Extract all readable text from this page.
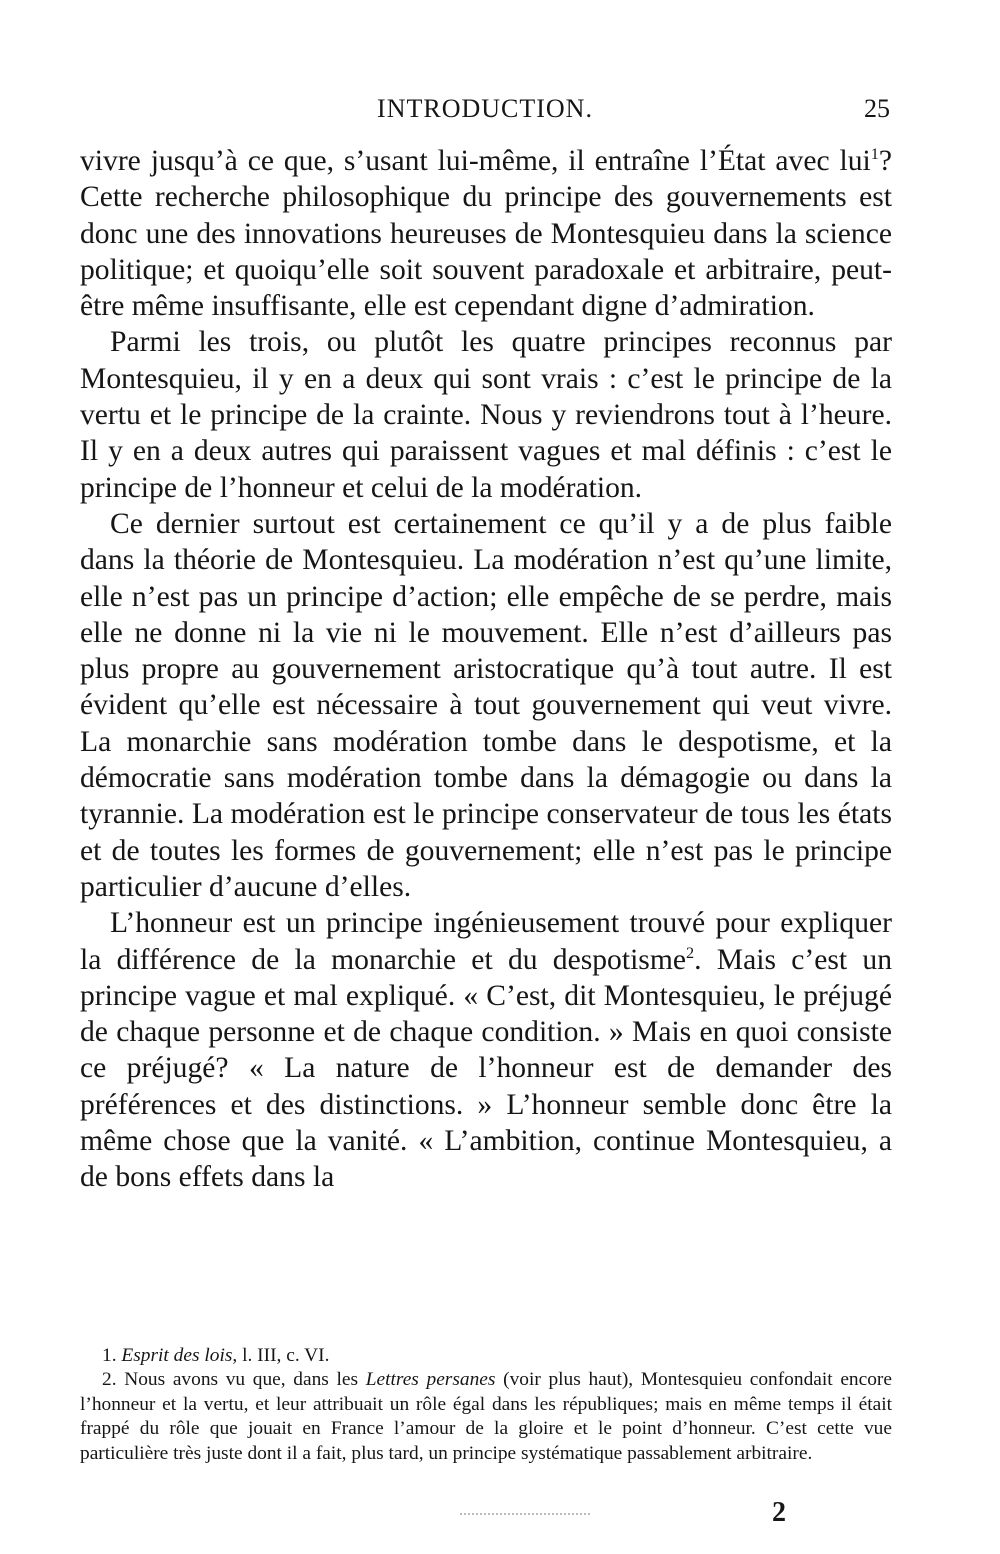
INTRODUCTION.	25

vivre jusqu’à ce que, s’usant lui-même, il entraîne l’État avec lui$^1$? Cette recherche philosophique du principe des gouvernements est donc une des innovations heureuses de Montesquieu dans la science politique; et quoiqu’elle soit souvent paradoxale et arbitraire, peut-être même insuffisante, elle est cependant digne d’admiration.

Parmi les trois, ou plutôt les quatre principes reconnus par Montesquieu, il y en a deux qui sont vrais : c’est le principe de la vertu et le principe de la crainte. Nous y reviendrons tout à l’heure. Il y en a deux autres qui paraissent vagues et mal définis : c’est le principe de l’honneur et celui de la modération.

Ce dernier surtout est certainement ce qu’il y a de plus faible dans la théorie de Montesquieu. La modération n’est qu’une limite, elle n’est pas un principe d’action; elle empêche de se perdre, mais elle ne donne ni la vie ni le mouvement. Elle n’est d’ailleurs pas plus propre au gouvernement aristocratique qu’à tout autre. Il est évident qu’elle est nécessaire à tout gouvernement qui veut vivre. La monarchie sans modération tombe dans le despotisme, et la démocratie sans modération tombe dans la démagogie ou dans la tyrannie. La modération est le principe conservateur de tous les états et de toutes les formes de gouvernement; elle n’est pas le principe particulier d’aucune d’elles.

L’honneur est un principe ingénieusement trouvé pour expliquer la différence de la monarchie et du despotisme$^2$. Mais c’est un principe vague et mal expliqué. « C’est, dit Montesquieu, le préjugé de chaque personne et de chaque condition. » Mais en quoi consiste ce préjugé? « La nature de l’honneur est de demander des préférences et des distinctions. » L’honneur semble donc être la même chose que la vanité. « L’ambition, continue Montesquieu, a de bons effets dans la

1. Esprit des lois, l. III, c. VI.

2. Nous avons vu que, dans les Lettres persanes (voir plus haut), Montesquieu confondait encore l’honneur et la vertu, et leur attribuait un rôle égal dans les républiques; mais en même temps il était frappé du rôle que jouait en France l’amour de la gloire et le point d’honneur. C’est cette vue particulière très juste dont il a fait, plus tard, un principe systématique passablement arbitraire.

2
